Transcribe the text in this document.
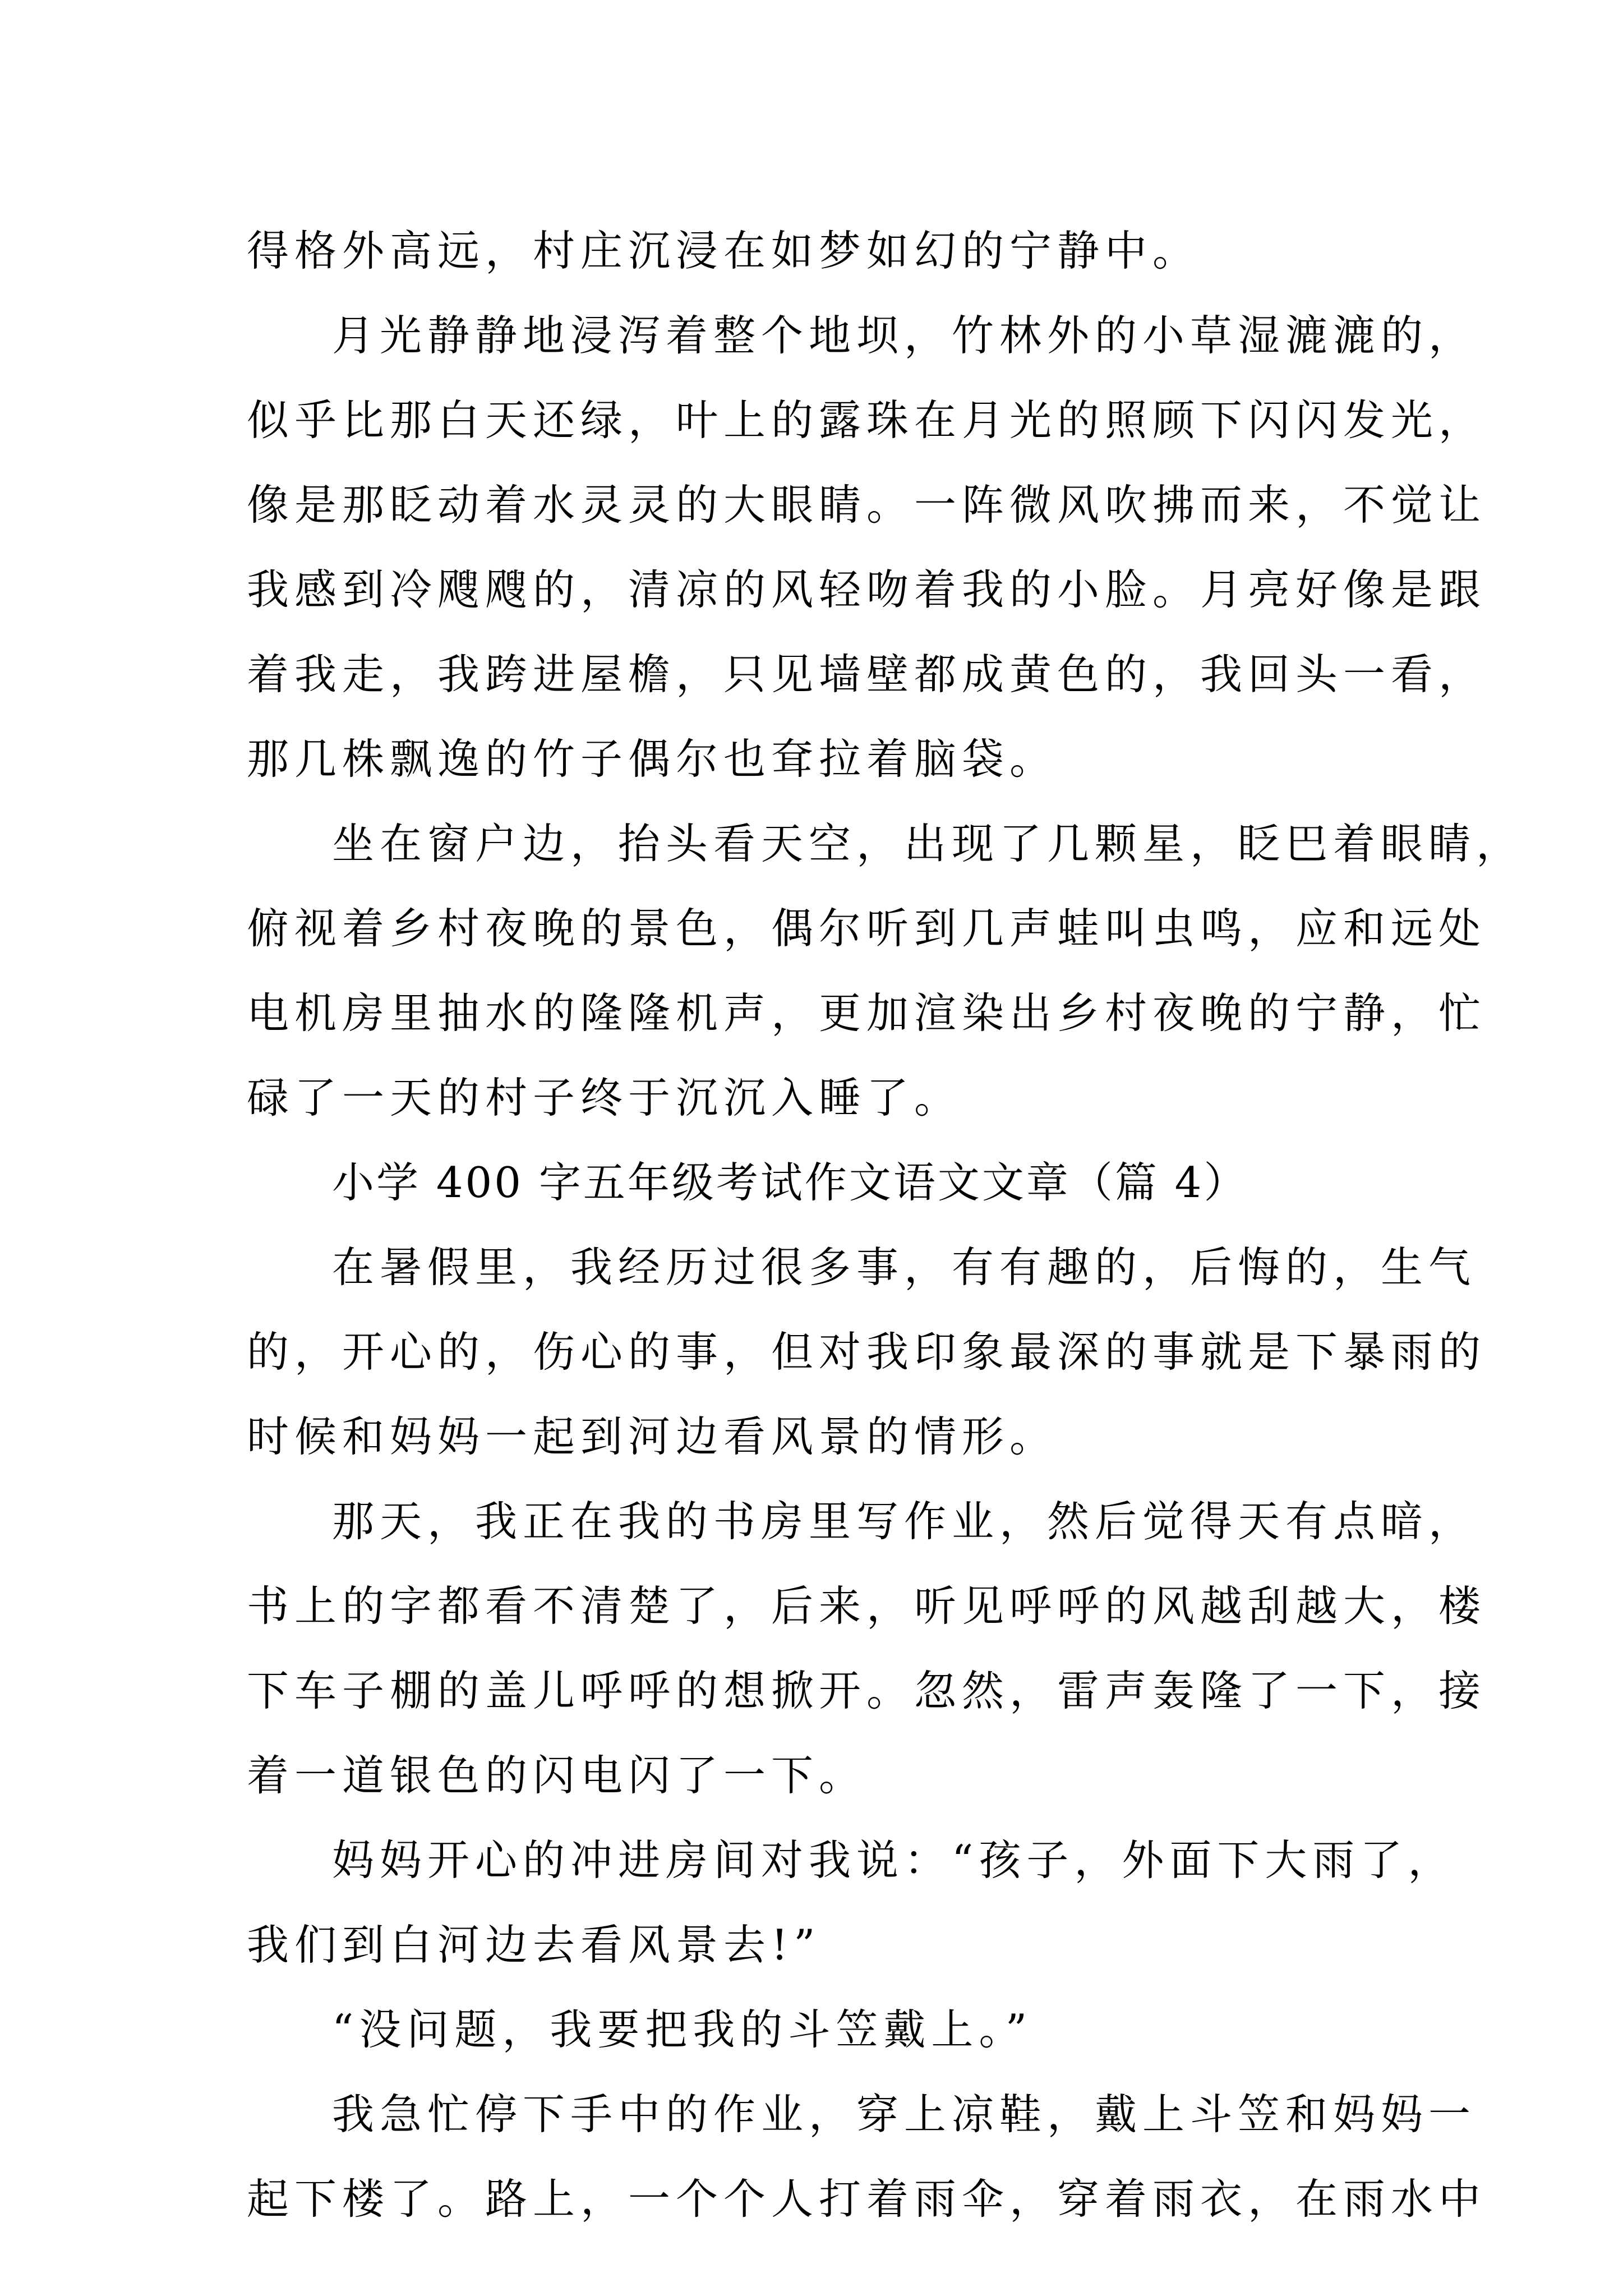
得格外高远，村庄沉浸在如梦如幻的宁静中。
月光静静地浸泻着整个地坝，竹林外的小草湿漉漉的，
似乎比那白天还绿，叶上的露珠在月光的照顾下闪闪发光，
像是那眨动着水灵灵的大眼睛。一阵微风吹拂而来，不觉让
我感到冷飕飕的，清凉的风轻吻着我的小脸。月亮好像是跟
着我走，我跨进屋檐，只见墙壁都成黄色的，我回头一看，
那几株飘逸的竹子偶尔也耷拉着脑袋。
坐在窗户边，抬头看天空，出现了几颗星，眨巴着眼睛，
俯视着乡村夜晚的景色，偶尔听到几声蛙叫虫鸣，应和远处
电机房里抽水的隆隆机声，更加渲染出乡村夜晚的宁静，忙
碌了一天的村子终于沉沉入睡了。
小学 400 字五年级考试作文语文文章（篇 4）
在暑假里，我经历过很多事，有有趣的，后悔的，生气
的，开心的，伤心的事，但对我印象最深的事就是下暴雨的
时候和妈妈一起到河边看风景的情形。
那天，我正在我的书房里写作业，然后觉得天有点暗，
书上的字都看不清楚了，后来，听见呼呼的风越刮越大，楼
下车子棚的盖儿呼呼的想掀开。忽然，雷声轰隆了一下，接
着一道银色的闪电闪了一下。
妈妈开心的冲进房间对我说：“孩子，外面下大雨了，
我们到白河边去看风景去!”
“没问题，我要把我的斗笠戴上。”
我急忙停下手中的作业，穿上凉鞋，戴上斗笠和妈妈一
起下楼了。路上，一个个人打着雨伞，穿着雨衣，在雨水中
